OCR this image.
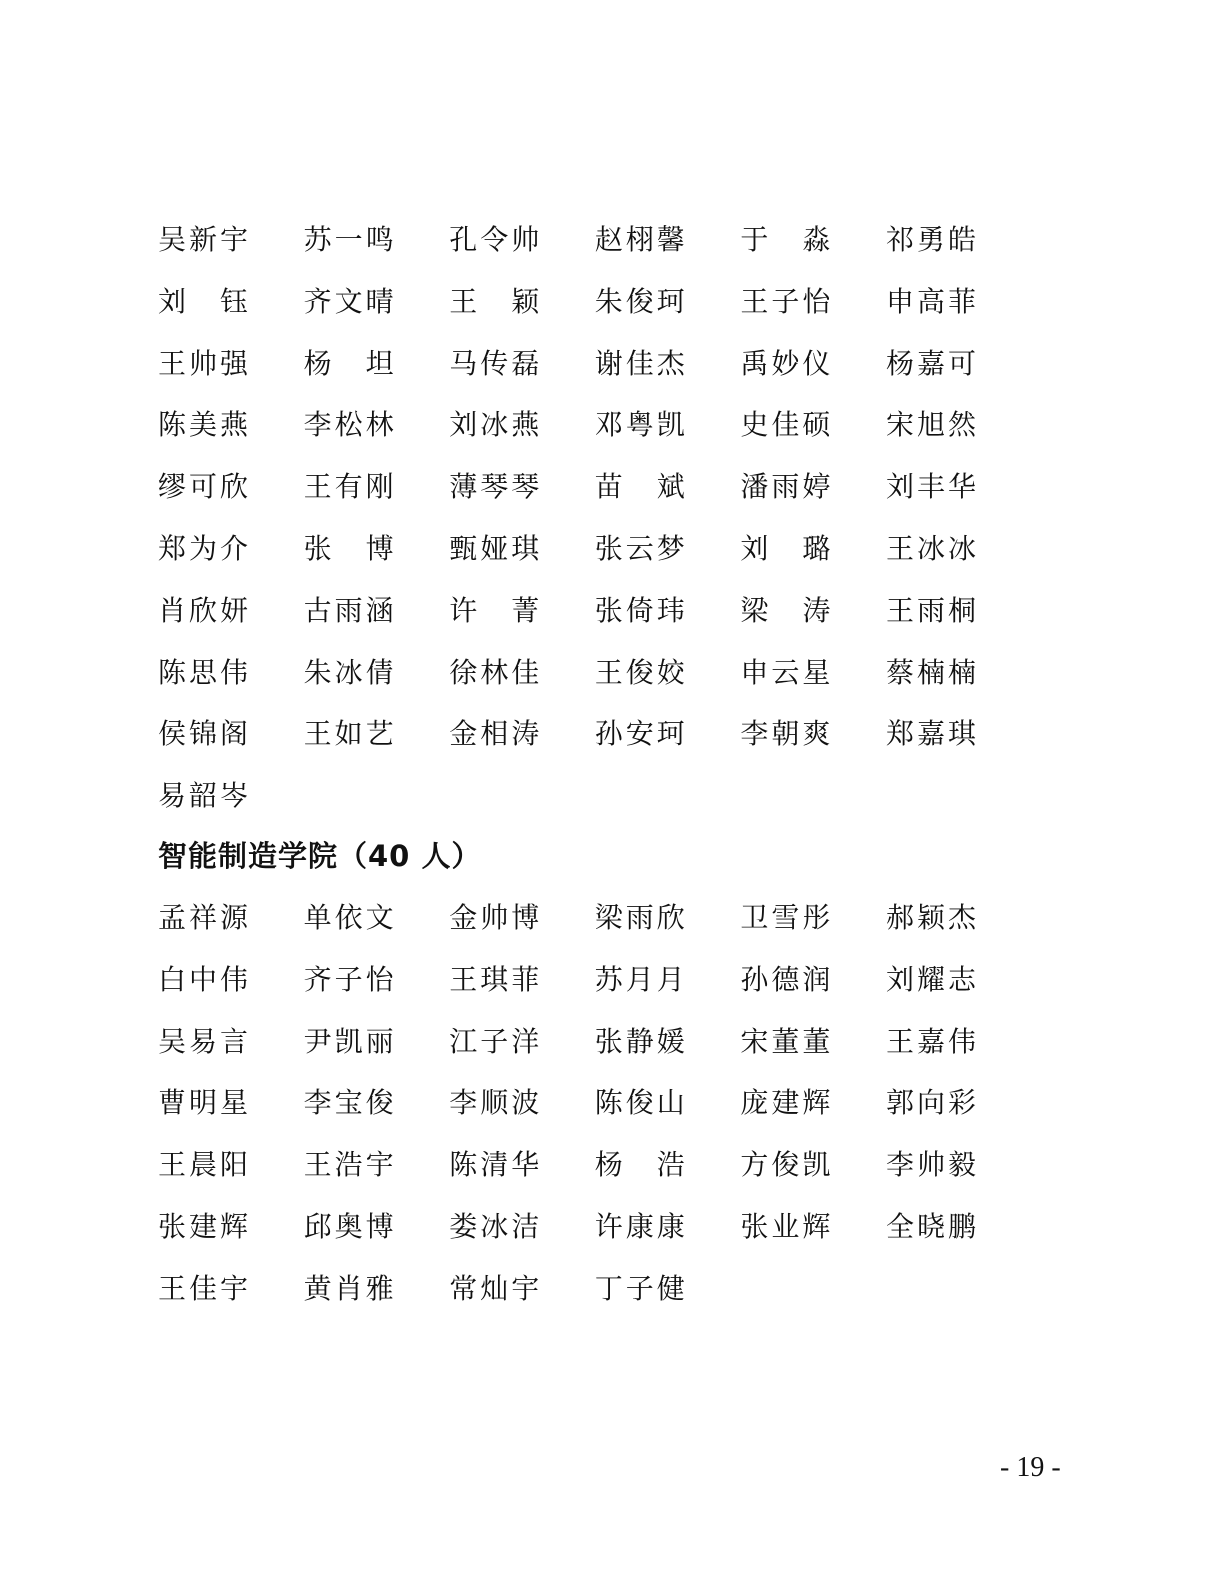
吴新宇	苏一鸣	孔令帅	赵栩馨	于　淼	祁勇皓
刘　钰	齐文晴	王　颖	朱俊珂	王子怡	申高菲
王帅强	杨　坦	马传磊	谢佳杰	禹妙仪	杨嘉可
陈美燕	李松林	刘冰燕	邓粤凯	史佳硕	宋旭然
缪可欣	王有刚	薄琴琴	苗　斌	潘雨婷	刘丰华
郑为介	张　博	甄娅琪	张云梦	刘　璐	王冰冰
肖欣妍	古雨涵	许　菁	张倚玮	梁　涛	王雨桐
陈思伟	朱冰倩	徐林佳	王俊姣	申云星	蔡楠楠
侯锦阁	王如艺	金相涛	孙安珂	李朝爽	郑嘉琪
易韶岑
智能制造学院（40 人）
孟祥源	单依文	金帅博	梁雨欣	卫雪彤	郝颖杰
白中伟	齐子怡	王琪菲	苏月月	孙德润	刘耀志
吴易言	尹凯丽	江子洋	张静媛	宋董董	王嘉伟
曹明星	李宝俊	李顺波	陈俊山	庞建辉	郭向彩
王晨阳	王浩宇	陈清华	杨　浩	方俊凯	李帅毅
张建辉	邱奥博	娄冰洁	许康康	张业辉	全晓鹏
王佳宇	黄肖雅	常灿宇	丁子健
- 19 -
